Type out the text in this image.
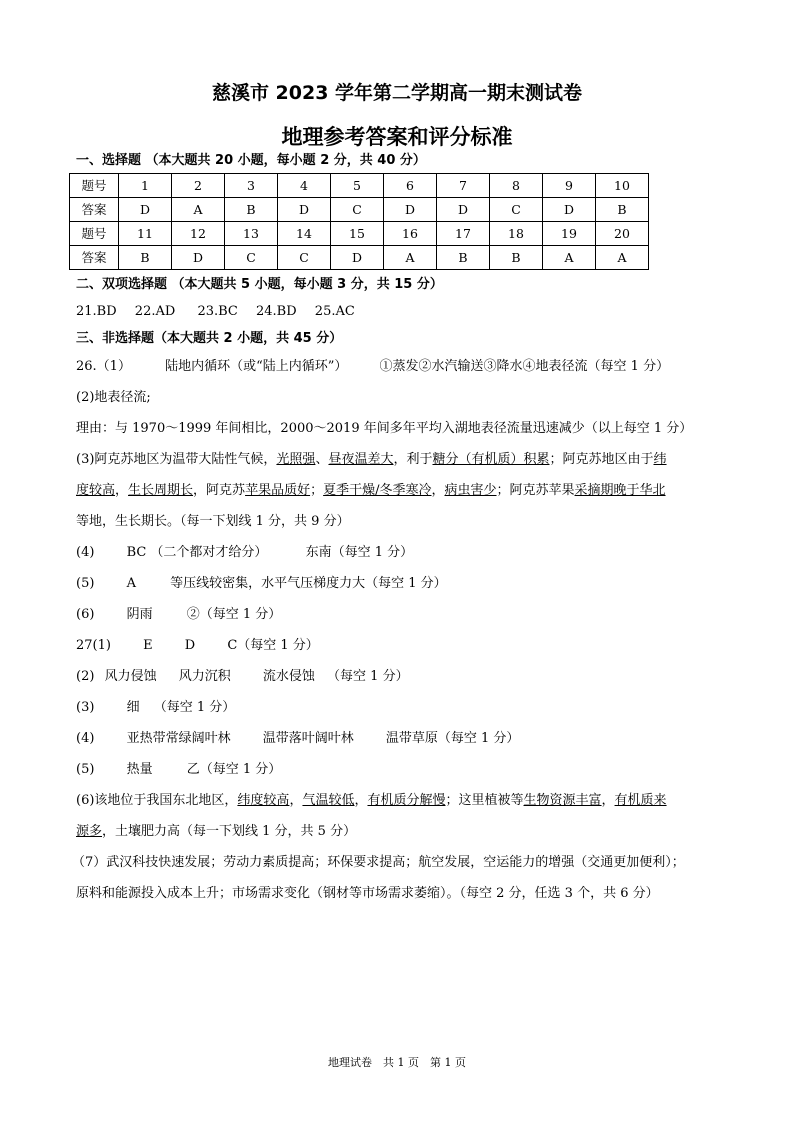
慈溪市 2023 学年第二学期高一期末测试卷
地理参考答案和评分标准
一、选择题 （本大题共 20 小题，每小题 2 分，共 40 分）
题号	1	2	3	4	5	6	7	8	9	10
答案	D	A	B	D	C	D	D	C	D	B
题号	11	12	13	14	15	16	17	18	19	20
答案	B	D	C	C	D	A	B	B	A	A
二、双项选择题 （本大题共 5 小题，每小题 3 分，共 15 分）
21.BD 22.AD 23.BC 24.BD 25.AC
三、非选择题（本大题共 2 小题，共 45 分）
26.（1）	陆地内循环（或“陆上内循环”） ①蒸发②水汽输送③降水④地表径流（每空 1 分）
(2)地表径流;
理由：与 1970～1999 年间相比，2000～2019 年间多年平均入湖地表径流量迅速减少（以上每空 1 分）
(3)阿克苏地区为温带大陆性气候，光照强、昼夜温差大，利于糖分（有机质）积累；阿克苏地区由于纬
度较高，生长周期长，阿克苏苹果品质好；夏季干燥/冬季寒冷，病虫害少；阿克苏苹果采摘期晚于华北
等地，生长期长。（每一下划线 1 分，共 9 分）
(4) BC （二个都对才给分）	东南（每空 1 分）
(5) A	等压线较密集，水平气压梯度力大（每空 1 分）
(6) 阴雨	②（每空 1 分）
27(1) E D C（每空 1 分）
(2) 风力侵蚀 风力沉积 流水侵蚀 （每空 1 分）
(3) 细 （每空 1 分）
(4) 亚热带常绿阔叶林 温带落叶阔叶林 温带草原（每空 1 分）
(5) 热量	乙（每空 1 分）
(6)该地位于我国东北地区，纬度较高，气温较低，有机质分解慢；这里植被等生物资源丰富，有机质来
源多，土壤肥力高（每一下划线 1 分，共 5 分）
（7）武汉科技快速发展；劳动力素质提高；环保要求提高；航空发展，空运能力的增强（交通更加便利）；
原料和能源投入成本上升；市场需求变化（钢材等市场需求萎缩）。（每空 2 分，任选 3 个，共 6 分）
地理试卷　共 1 页　第 1 页
